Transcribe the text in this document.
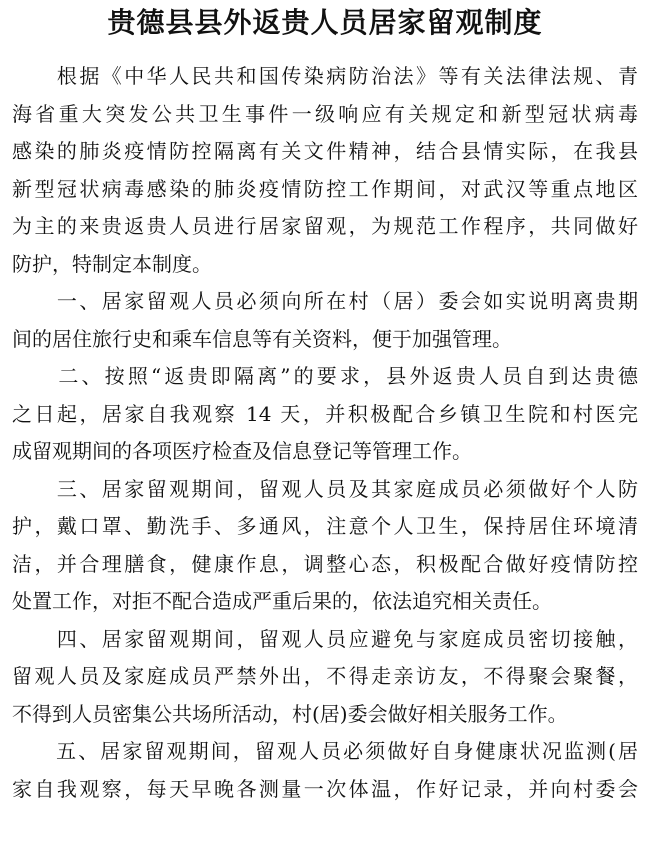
贵德县县外返贵人员居家留观制度
　　根据《中华人民共和国传染病防治法》等有关法律法规、青
海省重大突发公共卫生事件一级响应有关规定和新型冠状病毒
感染的肺炎疫情防控隔离有关文件精神，结合县情实际，在我县
新型冠状病毒感染的肺炎疫情防控工作期间，对武汉等重点地区
为主的来贵返贵人员进行居家留观，为规范工作程序，共同做好
防护，特制定本制度。
　　一、居家留观人员必须向所在村（居）委会如实说明离贵期
间的居住旅行史和乘车信息等有关资料，便于加强管理。
　　二、按照“返贵即隔离”的要求，县外返贵人员自到达贵德
之日起，居家自我观察 14 天，并积极配合乡镇卫生院和村医完
成留观期间的各项医疗检查及信息登记等管理工作。
　　三、居家留观期间，留观人员及其家庭成员必须做好个人防
护，戴口罩、勤洗手、多通风，注意个人卫生，保持居住环境清
洁，并合理膳食，健康作息，调整心态，积极配合做好疫情防控
处置工作，对拒不配合造成严重后果的，依法追究相关责任。
　　四、居家留观期间，留观人员应避免与家庭成员密切接触，
留观人员及家庭成员严禁外出，不得走亲访友，不得聚会聚餐，
不得到人员密集公共场所活动，村(居)委会做好相关服务工作。
　　五、居家留观期间，留观人员必须做好自身健康状况监测(居
家自我观察，每天早晚各测量一次体温，作好记录，并向村委会
